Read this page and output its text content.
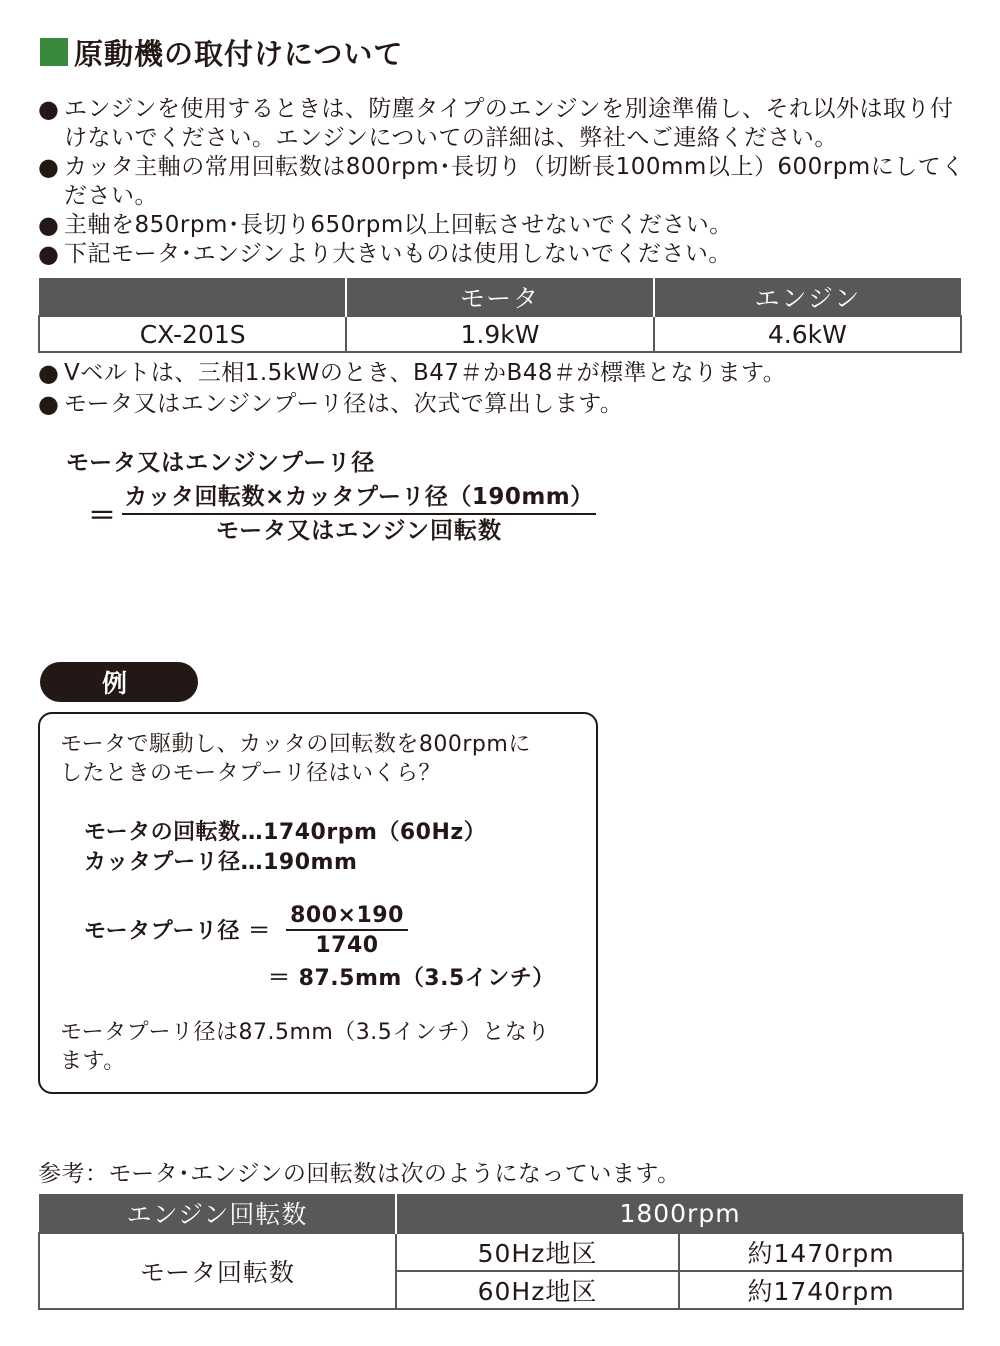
原動機の取付けについて

● エンジンを使用するときは、防塵タイプのエンジンを別途準備し、それ以外は取り付けないでください。エンジンについての詳細は、弊社へご連絡ください。

● カッタ主軸の常用回転数は800rpm･長切り（切断長100mm以上）600rpmにしてください。

● 主軸を850rpm･長切り650rpm以上回転させないでください。

● 下記モータ･エンジンより大きいものは使用しないでください。

	モータ	エンジン
CX-201S	1.9kW	4.6kW

● Vベルトは、三相1.5kWのとき、B47＃かB48＃が標準となります。

● モータ又はエンジンプーリ径は、次式で算出します。

モータ又はエンジンプーリ径
＝
カッタ回転数×カッタプーリ径（190mm）
モータ又はエンジン回転数
例
モータで駆動し、カッタの回転数を800rpmに
したときのモータプーリ径はいくら？
モータの回転数…1740rpm（60Hz）
カッタプーリ径…190mm
モータプーリ径 ＝
800×190
1740
＝ 87.5mm（3.5インチ）
モータプーリ径は87.5mm（3.5インチ）となり
ます。
参考：モータ･エンジンの回転数は次のようになっています。
エンジン回転数	1800rpm	
モータ回転数	50Hz地区	約1470rpm
	60Hz地区	約1740rpm
